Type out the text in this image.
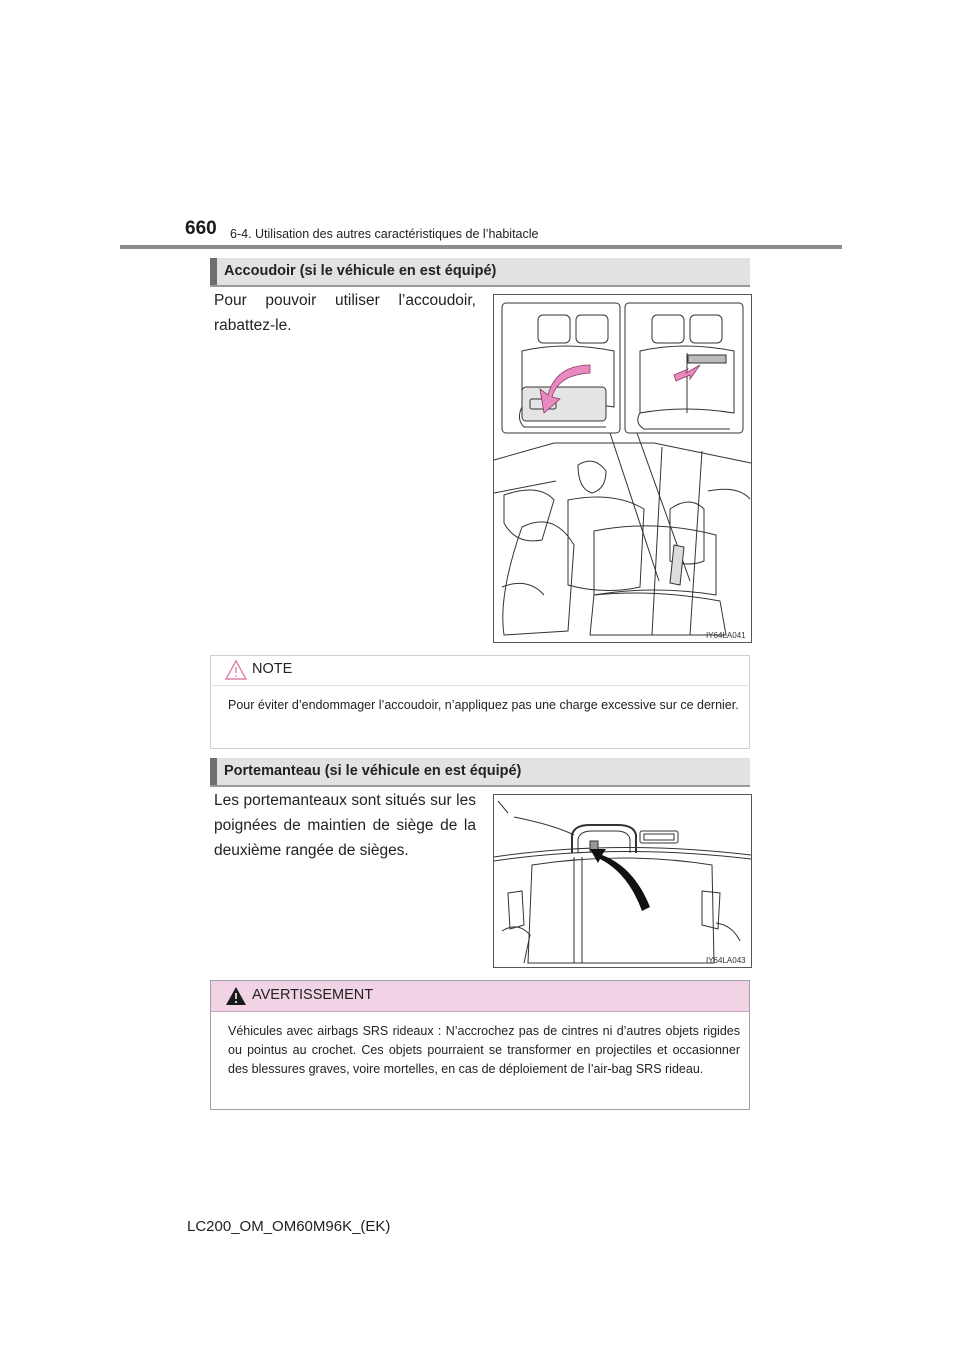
660 6-4. Utilisation des autres caractéristiques de l’habitacle
Accoudoir (si le véhicule en est équipé)
Pour pouvoir utiliser l’accoudoir, rabattez-le.
IY64LA041
NOTE
Pour éviter d’endommager l’accoudoir, n’appliquez pas une charge excessive sur ce dernier.
Portemanteau (si le véhicule en est équipé)
Les portemanteaux sont situés sur les poignées de maintien de siège de la deuxième rangée de sièges.
IY64LA043
AVERTISSEMENT
Véhicules avec airbags SRS rideaux : N’accrochez pas de cintres ni d’autres objets rigides ou pointus au crochet. Ces objets pourraient se transformer en projectiles et occasionner des blessures graves, voire mortelles, en cas de déploiement de l’air-bag SRS rideau.
LC200_OM_OM60M96K_(EK)
